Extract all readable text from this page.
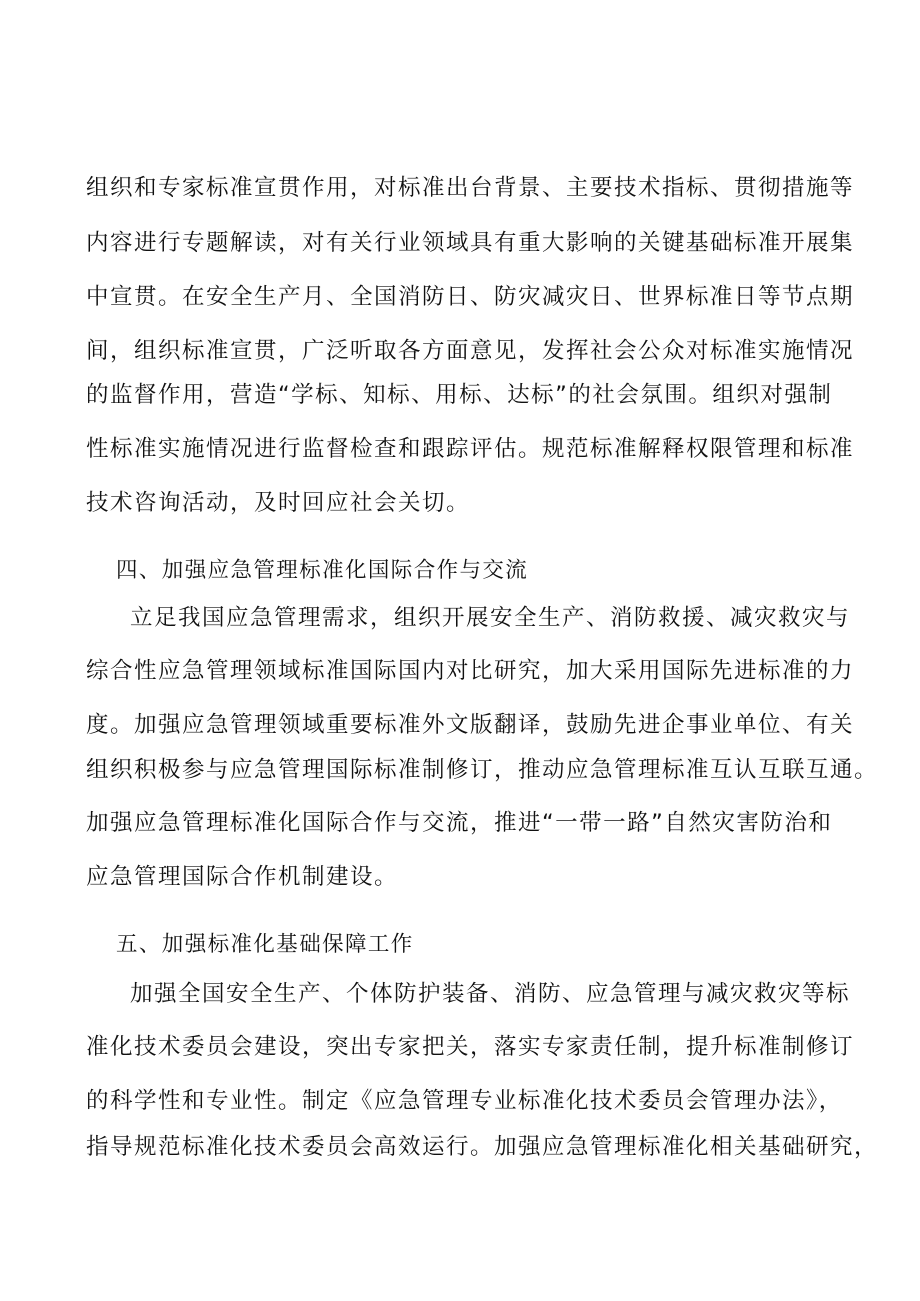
组织和专家标准宣贯作用，对标准出台背景、主要技术指标、贯彻措施等
内容进行专题解读，对有关行业领域具有重大影响的关键基础标准开展集
中宣贯。在安全生产月、全国消防日、防灾减灾日、世界标准日等节点期
间，组织标准宣贯，广泛听取各方面意见，发挥社会公众对标准实施情况
的监督作用，营造“学标、知标、用标、达标”的社会氛围。组织对强制
性标准实施情况进行监督检查和跟踪评估。规范标准解释权限管理和标准
技术咨询活动，及时回应社会关切。
四、加强应急管理标准化国际合作与交流
立足我国应急管理需求，组织开展安全生产、消防救援、减灾救灾与
综合性应急管理领域标准国际国内对比研究，加大采用国际先进标准的力
度。加强应急管理领域重要标准外文版翻译，鼓励先进企事业单位、有关
组织积极参与应急管理国际标准制修订，推动应急管理标准互认互联互通。
加强应急管理标准化国际合作与交流，推进“一带一路”自然灾害防治和
应急管理国际合作机制建设。
五、加强标准化基础保障工作
加强全国安全生产、个体防护装备、消防、应急管理与减灾救灾等标
准化技术委员会建设，突出专家把关，落实专家责任制，提升标准制修订
的科学性和专业性。制定《应急管理专业标准化技术委员会管理办法》，
指导规范标准化技术委员会高效运行。加强应急管理标准化相关基础研究，
